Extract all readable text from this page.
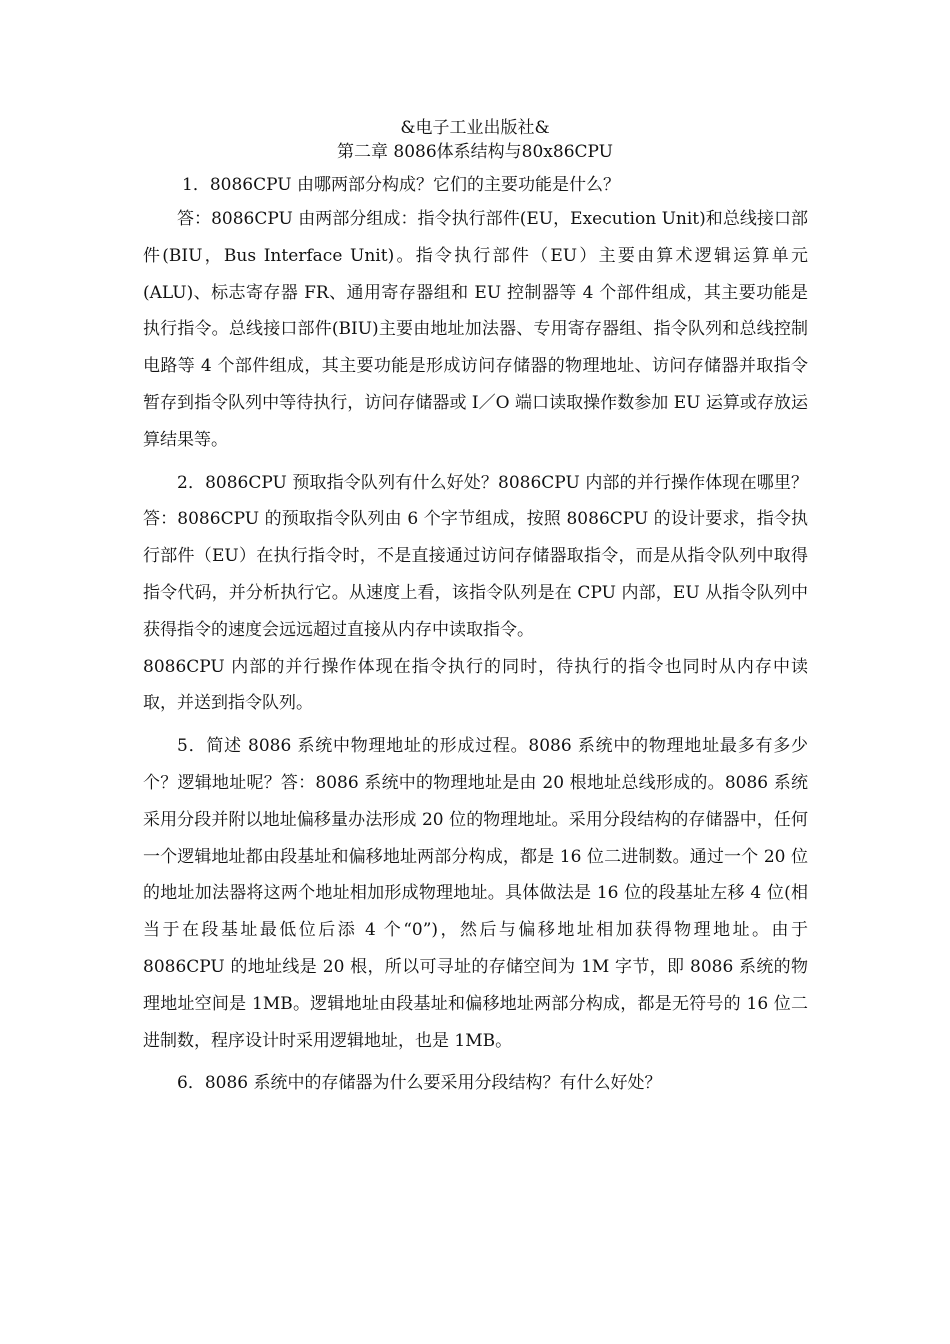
&电子工业出版社&
第二章 8086体系结构与80x86CPU

1．8086CPU 由哪两部分构成？它们的主要功能是什么？

答：8086CPU 由两部分组成：指令执行部件(EU，Execution Unit)和总线接口部件(BIU，Bus Interface Unit)。指令执行部件（EU）主要由算术逻辑运算单元(ALU)、标志寄存器 FR、通用寄存器组和 EU 控制器等 4 个部件组成，其主要功能是执行指令。总线接口部件(BIU)主要由地址加法器、专用寄存器组、指令队列和总线控制电路等 4 个部件组成，其主要功能是形成访问存储器的物理地址、访问存储器并取指令暂存到指令队列中等待执行，访问存储器或 I／O 端口读取操作数参加 EU 运算或存放运算结果等。

2．8086CPU 预取指令队列有什么好处？8086CPU 内部的并行操作体现在哪里？答：8086CPU 的预取指令队列由 6 个字节组成，按照 8086CPU 的设计要求，指令执行部件（EU）在执行指令时，不是直接通过访问存储器取指令，而是从指令队列中取得指令代码，并分析执行它。从速度上看，该指令队列是在 CPU 内部，EU 从指令队列中获得指令的速度会远远超过直接从内存中读取指令。

8086CPU 内部的并行操作体现在指令执行的同时，待执行的指令也同时从内存中读取，并送到指令队列。

5．简述 8086 系统中物理地址的形成过程。8086 系统中的物理地址最多有多少个？逻辑地址呢？答：8086 系统中的物理地址是由 20 根地址总线形成的。8086 系统采用分段并附以地址偏移量办法形成 20 位的物理地址。采用分段结构的存储器中，任何一个逻辑地址都由段基址和偏移地址两部分构成，都是 16 位二进制数。通过一个 20 位的地址加法器将这两个地址相加形成物理地址。具体做法是 16 位的段基址左移 4 位(相当于在段基址最低位后添 4 个“0”)，然后与偏移地址相加获得物理地址。由于 8086CPU 的地址线是 20 根，所以可寻址的存储空间为 1M 字节，即 8086 系统的物理地址空间是 1MB。逻辑地址由段基址和偏移地址两部分构成，都是无符号的 16 位二进制数，程序设计时采用逻辑地址，也是 1MB。

6．8086 系统中的存储器为什么要采用分段结构？有什么好处？
